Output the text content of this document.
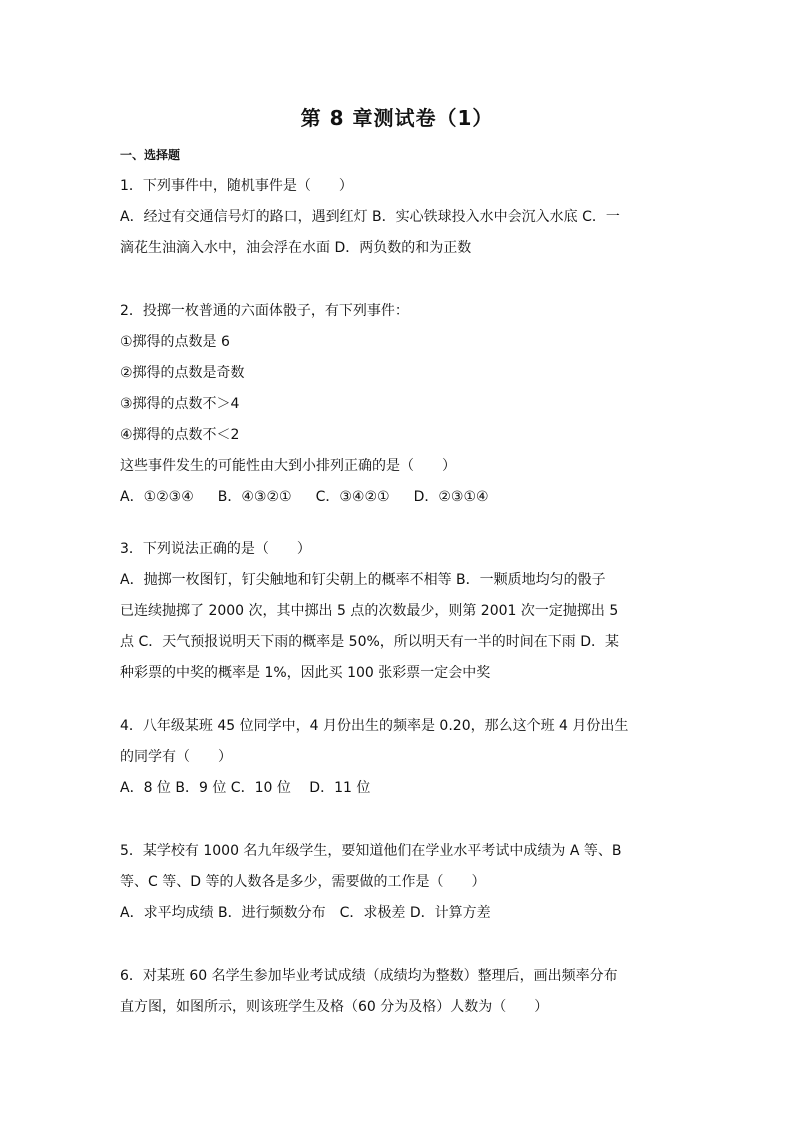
第 8 章测试卷（1）
一、选择题
1．下列事件中，随机事件是（　　）
A．经过有交通信号灯的路口，遇到红灯 B．实心铁球投入水中会沉入水底 C．一
滴花生油滴入水中，油会浮在水面 D．两负数的和为正数
2．投掷一枚普通的六面体骰子，有下列事件：
①掷得的点数是 6
②掷得的点数是奇数
③掷得的点数不＞4
④掷得的点数不＜2
这些事件发生的可能性由大到小排列正确的是（　　）
A．①②③④ B．④③②① C．③④②① D．②③①④
3．下列说法正确的是（　　）
A．抛掷一枚图钉，钉尖触地和钉尖朝上的概率不相等 B．一颗质地均匀的骰子
已连续抛掷了 2000 次，其中掷出 5 点的次数最少，则第 2001 次一定抛掷出 5
点 C．天气预报说明天下雨的概率是 50%，所以明天有一半的时间在下雨 D．某
种彩票的中奖的概率是 1%，因此买 100 张彩票一定会中奖
4．八年级某班 45 位同学中，4 月份出生的频率是 0.20，那么这个班 4 月份出生
的同学有（　　）
A．8 位 B．9 位 C．10 位　 D．11 位
5．某学校有 1000 名九年级学生，要知道他们在学业水平考试中成绩为 A 等、B
等、C 等、D 等的人数各是多少，需要做的工作是（　　）
A．求平均成绩 B．进行频数分布　C．求极差 D．计算方差
6．对某班 60 名学生参加毕业考试成绩（成绩均为整数）整理后，画出频率分布
直方图，如图所示，则该班学生及格（60 分为及格）人数为（　　）
